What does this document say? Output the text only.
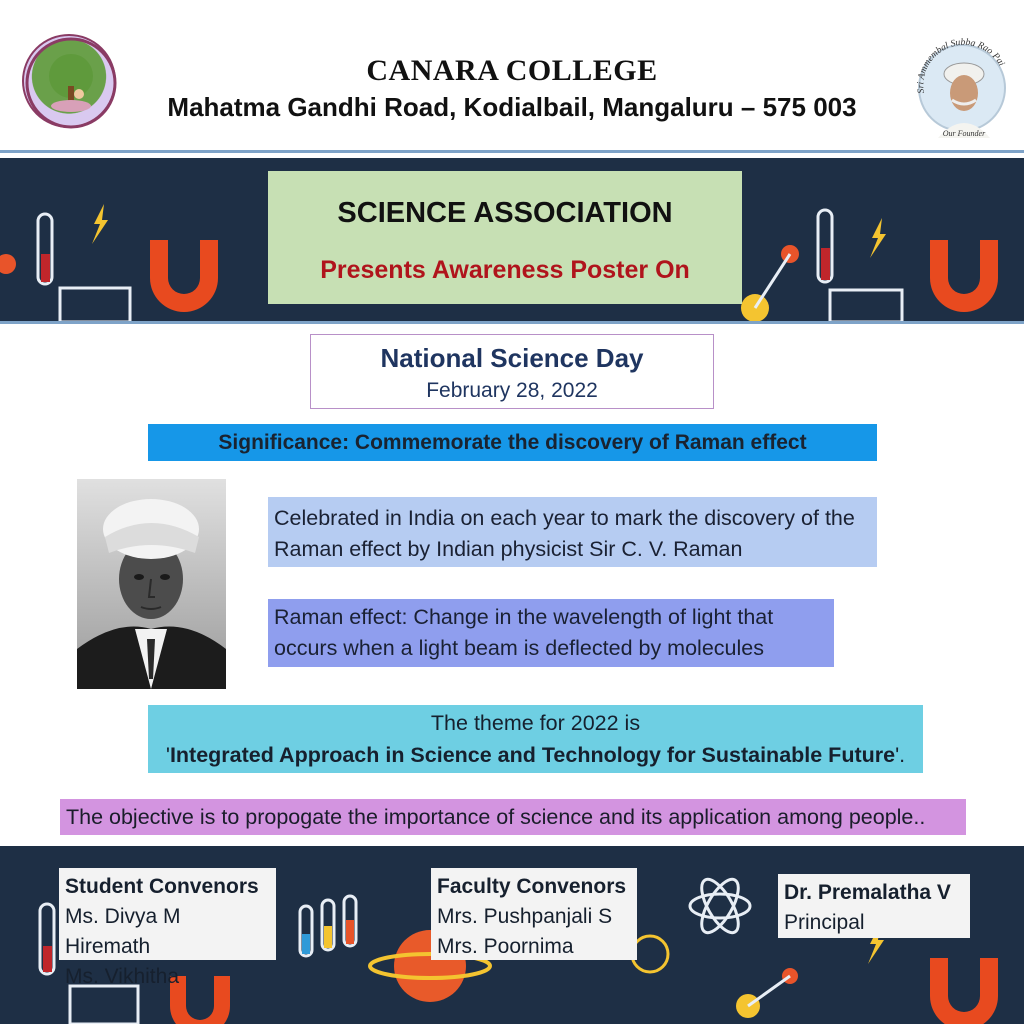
CANARA COLLEGE
Mahatma Gandhi Road, Kodialbail, Mangaluru – 575 003
Sri Ammembal Subba Rao Pai
Our Founder
SCIENCE ASSOCIATION
Presents Awareness Poster On
National Science Day
February 28, 2022
Significance: Commemorate the discovery of Raman effect
Celebrated in India on each year to mark the discovery of the Raman effect by Indian physicist Sir C. V. Raman
Raman effect: Change in the wavelength of light that occurs when a light beam is deflected by molecules
The theme for 2022 is
'Integrated Approach in Science and Technology for Sustainable Future'.
The objective is to propogate the importance of science and its application among people..
Student Convenors
Ms. Divya M Hiremath
Ms. Vikhitha
Faculty Convenors
Mrs. Pushpanjali S
Mrs. Poornima
Dr. Premalatha V
Principal
